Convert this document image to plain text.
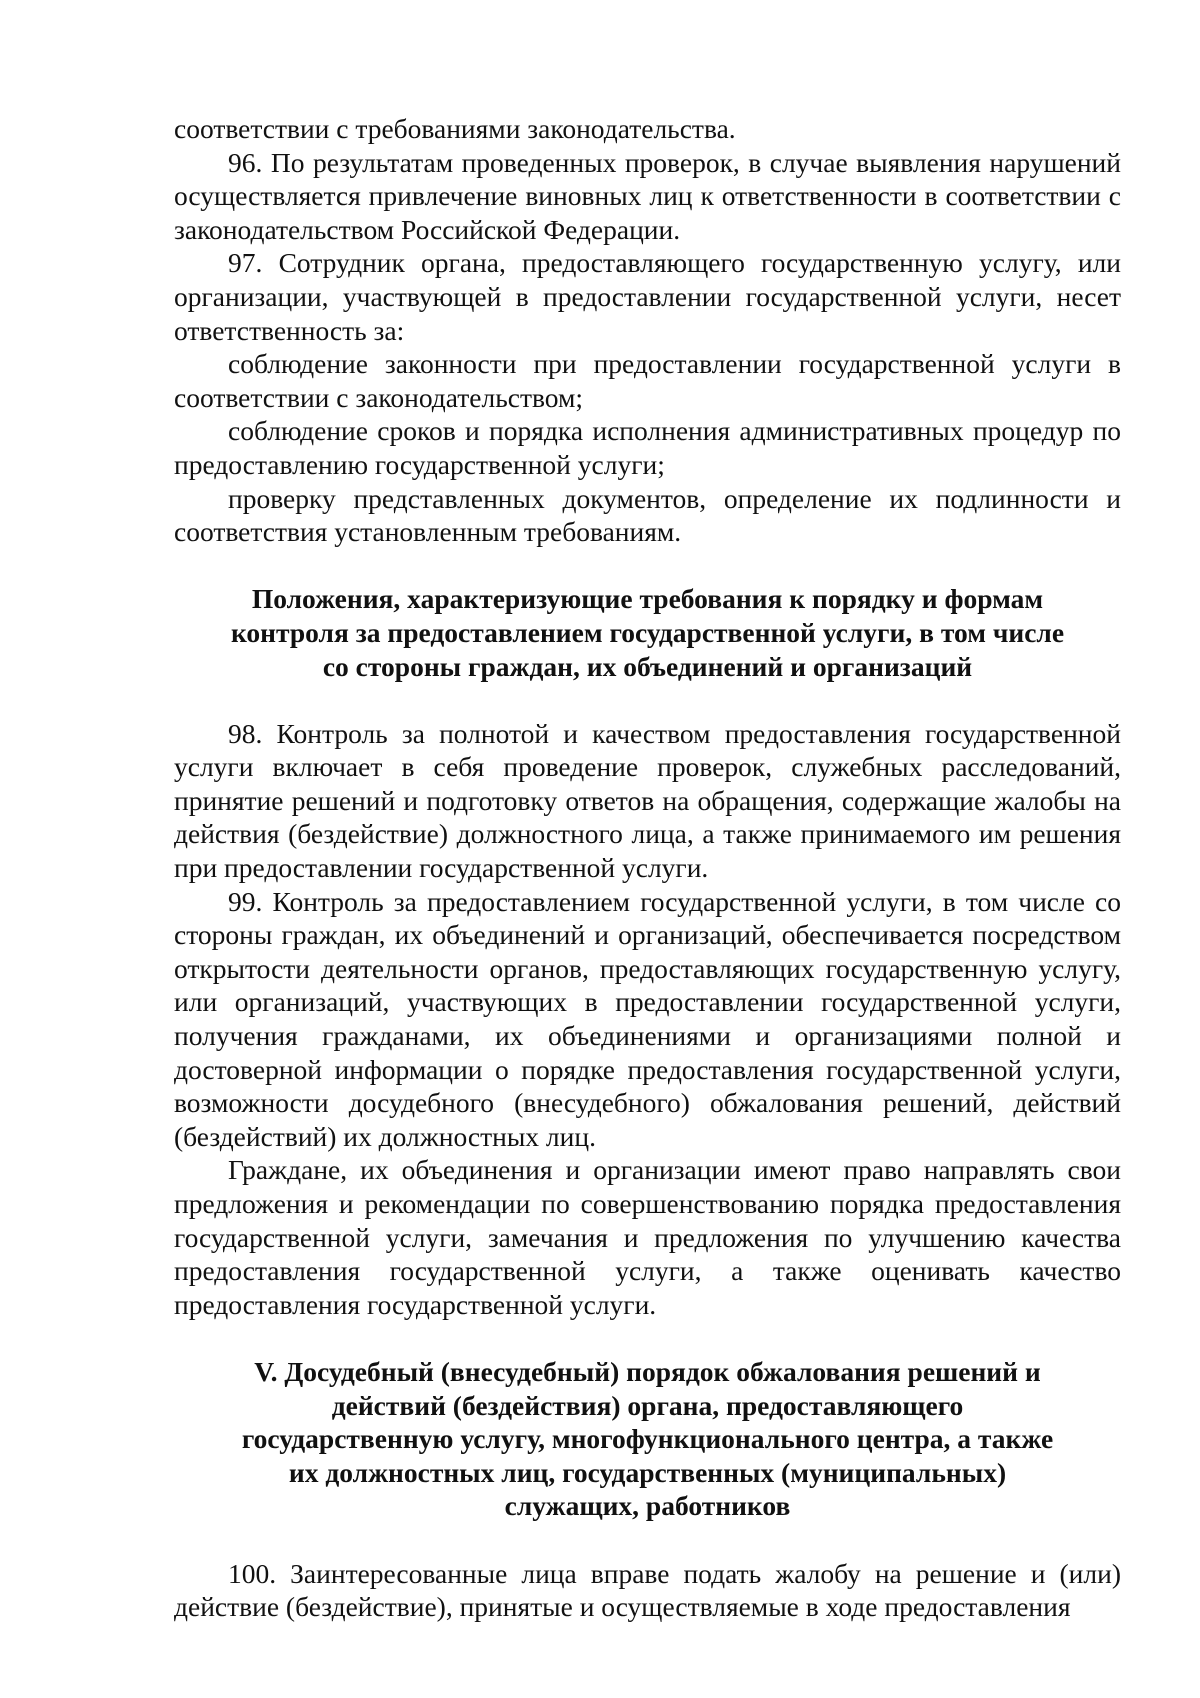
соответствии с требованиями законодательства.

96. По результатам проведенных проверок, в случае выявления нарушений осуществляется привлечение виновных лиц к ответственности в соответствии с законодательством Российской Федерации.

97. Сотрудник органа, предоставляющего государственную услугу, или организации, участвующей в предоставлении государственной услуги, несет ответственность за:

соблюдение законности при предоставлении государственной услуги в соответствии с законодательством;

соблюдение сроков и порядка исполнения административных процедур по предоставлению государственной услуги;

проверку представленных документов, определение их подлинности и соответствия установленным требованиям.

Положения, характеризующие требования к порядку и формам контроля за предоставлением государственной услуги, в том числе со стороны граждан, их объединений и организаций

98. Контроль за полнотой и качеством предоставления государственной услуги включает в себя проведение проверок, служебных расследований, принятие решений и подготовку ответов на обращения, содержащие жалобы на действия (бездействие) должностного лица, а также принимаемого им решения при предоставлении государственной услуги.

99. Контроль за предоставлением государственной услуги, в том числе со стороны граждан, их объединений и организаций, обеспечивается посредством открытости деятельности органов, предоставляющих государственную услугу, или организаций, участвующих в предоставлении государственной услуги, получения гражданами, их объединениями и организациями полной и достоверной информации о порядке предоставления государственной услуги, возможности досудебного (внесудебного) обжалования решений, действий (бездействий) их должностных лиц.

Граждане, их объединения и организации имеют право направлять свои предложения и рекомендации по совершенствованию порядка предоставления государственной услуги, замечания и предложения по улучшению качества предоставления государственной услуги, а также оценивать качество предоставления государственной услуги.

V. Досудебный (внесудебный) порядок обжалования решений и действий (бездействия) органа, предоставляющего государственную услугу, многофункционального центра, а также их должностных лиц, государственных (муниципальных) служащих, работников

100. Заинтересованные лица вправе подать жалобу на решение и (или) действие (бездействие), принятые и осуществляемые в ходе предоставления
